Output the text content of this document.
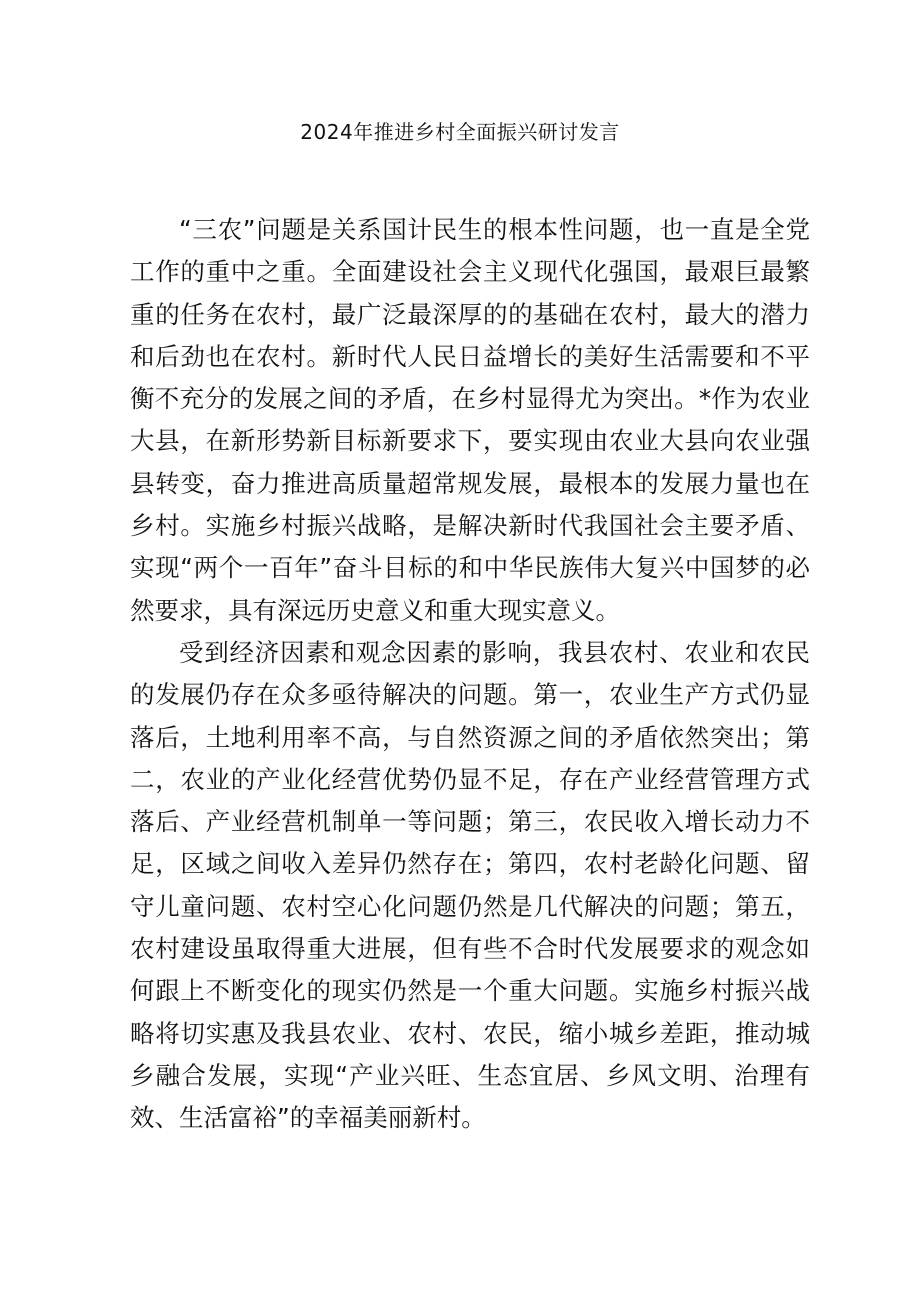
2024年推进乡村全面振兴研讨发言

“三农”问题是关系国计民生的根本性问题，也一直是全党工作的重中之重。全面建设社会主义现代化强国，最艰巨最繁重的任务在农村，最广泛最深厚的的基础在农村，最大的潜力和后劲也在农村。新时代人民日益增长的美好生活需要和不平衡不充分的发展之间的矛盾，在乡村显得尤为突出。*作为农业大县，在新形势新目标新要求下，要实现由农业大县向农业强县转变，奋力推进高质量超常规发展，最根本的发展力量也在乡村。实施乡村振兴战略，是解决新时代我国社会主要矛盾、实现“两个一百年”奋斗目标的和中华民族伟大复兴中国梦的必然要求，具有深远历史意义和重大现实意义。

受到经济因素和观念因素的影响，我县农村、农业和农民的发展仍存在众多亟待解决的问题。第一，农业生产方式仍显落后，土地利用率不高，与自然资源之间的矛盾依然突出；第二，农业的产业化经营优势仍显不足，存在产业经营管理方式落后、产业经营机制单一等问题；第三，农民收入增长动力不足，区域之间收入差异仍然存在；第四，农村老龄化问题、留守儿童问题、农村空心化问题仍然是几代解决的问题；第五，农村建设虽取得重大进展，但有些不合时代发展要求的观念如何跟上不断变化的现实仍然是一个重大问题。实施乡村振兴战略将切实惠及我县农业、农村、农民，缩小城乡差距，推动城乡融合发展，实现“产业兴旺、生态宜居、乡风文明、治理有效、生活富裕”的幸福美丽新村。
